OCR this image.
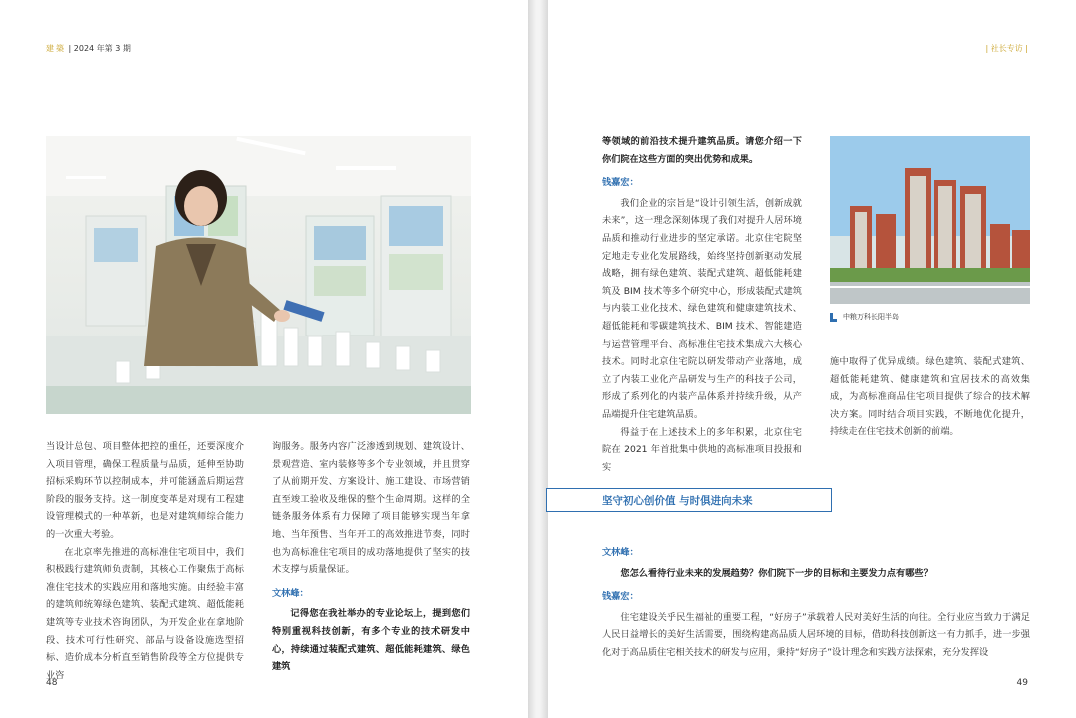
建築 | 2024 年第 3 期

当设计总包、项目整体把控的重任，还要深度介入项目管理，确保工程质量与品质，延伸至协助招标采购环节以控制成本，并可能涵盖后期运营阶段的服务支持。这一制度变革是对现有工程建设管理模式的一种革新，也是对建筑师综合能力的一次重大考验。

在北京率先推进的高标准住宅项目中，我们积极践行建筑师负责制，其核心工作聚焦于高标准住宅技术的实践应用和落地实施。由经验丰富的建筑师统筹绿色建筑、装配式建筑、超低能耗建筑等专业技术咨询团队，为开发企业在拿地阶段、技术可行性研究、部品与设备设施选型招标、造价成本分析直至销售阶段等全方位提供专业咨

询服务。服务内容广泛渗透到规划、建筑设计、景观营造、室内装修等多个专业领域，并且贯穿了从前期开发、方案设计、施工建设、市场营销直至竣工验收及维保的整个生命周期。这样的全链条服务体系有力保障了项目能够实现当年拿地、当年预售、当年开工的高效推进节奏，同时也为高标准住宅项目的成功落地提供了坚实的技术支撑与质量保证。

文林峰：

记得您在我社举办的专业论坛上，提到您们特别重视科技创新，有多个专业的技术研发中心，持续通过装配式建筑、超低能耗建筑、绿色建筑

48
| 社长专访 |
49
中粮万科长阳半岛

等领域的前沿技术提升建筑品质。请您介绍一下你们院在这些方面的突出优势和成果。

钱嘉宏：

我们企业的宗旨是“设计引领生活，创新成就未来”，这一理念深刻体现了我们对提升人居环境品质和推动行业进步的坚定承诺。北京住宅院坚定地走专业化发展路线，始终坚持创新驱动发展战略，拥有绿色建筑、装配式建筑、超低能耗建筑及 BIM 技术等多个研究中心，形成装配式建筑与内装工业化技术、绿色建筑和健康建筑技术、超低能耗和零碳建筑技术、BIM 技术、智能建造与运营管理平台、高标准住宅技术集成六大核心技术。同时北京住宅院以研发带动产业落地，成立了内装工业化产品研发与生产的科技子公司，形成了系列化的内装产品体系并持续升级，从产品端提升住宅建筑品质。

得益于在上述技术上的多年积累，北京住宅院在 2021 年首批集中供地的高标准项目投报和实

施中取得了优异成绩。绿色建筑、装配式建筑、超低能耗建筑、健康建筑和宜居技术的高效集成，为高标准商品住宅项目提供了综合的技术解决方案。同时结合项目实践，不断地优化提升，持续走在住宅技术创新的前端。

坚守初心创价值 与时俱进向未来

文林峰：

您怎么看待行业未来的发展趋势？你们院下一步的目标和主要发力点有哪些？

钱嘉宏：

住宅建设关乎民生福祉的重要工程，“好房子”承载着人民对美好生活的向往。全行业应当致力于满足人民日益增长的美好生活需要，围绕构建高品质人居环境的目标，借助科技创新这一有力抓手，进一步强化对于高品质住宅相关技术的研发与应用，秉持“好房子”设计理念和实践方法探索，充分发挥设
